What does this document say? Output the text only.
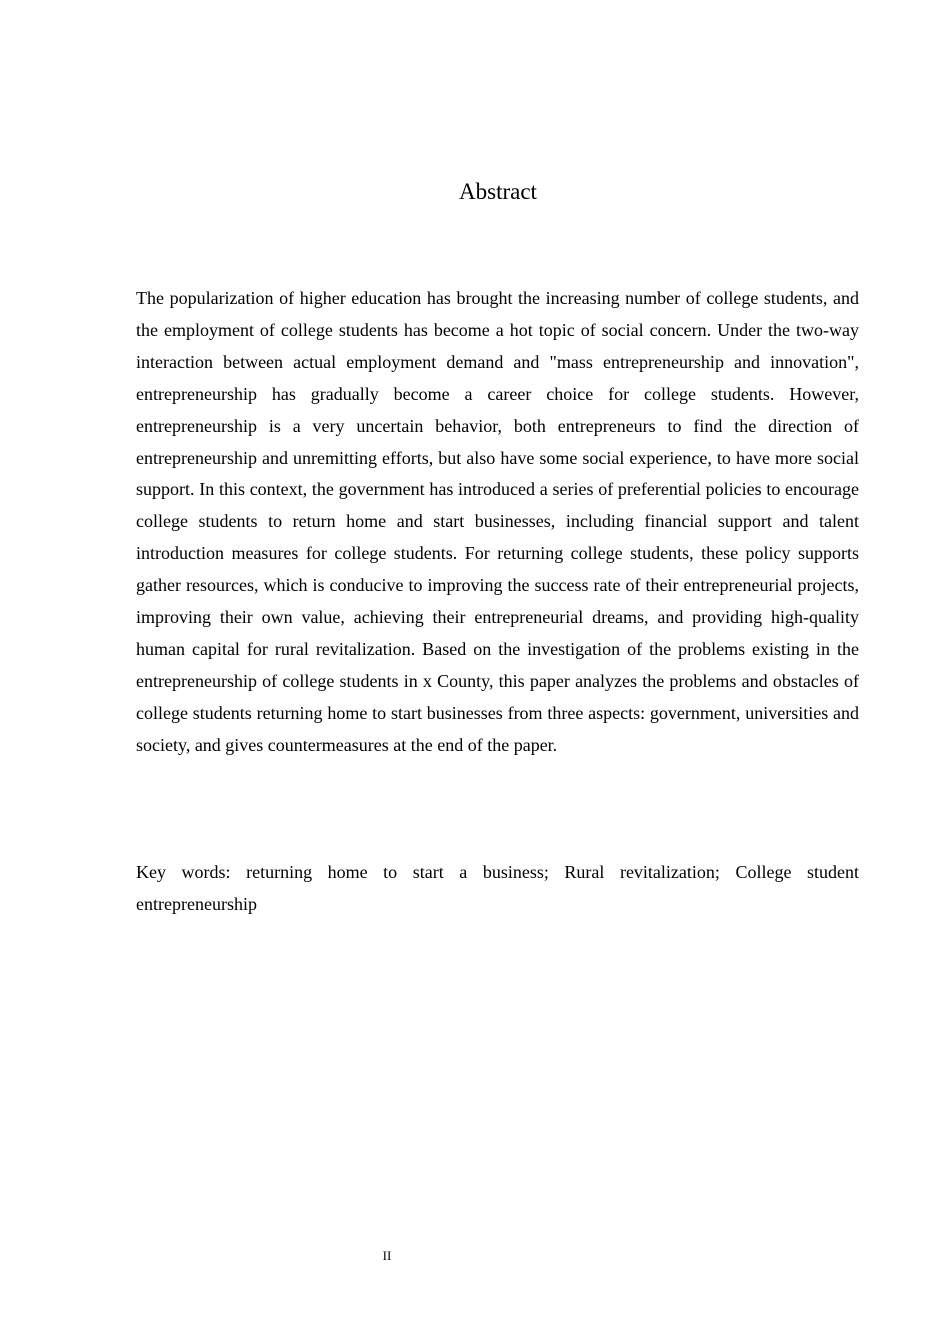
Abstract

The popularization of higher education has brought the increasing number of college students, and the employment of college students has become a hot topic of social concern. Under the two-way interaction between actual employment demand and "mass entrepreneurship and innovation", entrepreneurship has gradually become a career choice for college students. However, entrepreneurship is a very uncertain behavior, both entrepreneurs to find the direction of entrepreneurship and unremitting efforts, but also have some social experience, to have more social support. In this context, the government has introduced a series of preferential policies to encourage college students to return home and start businesses, including financial support and talent introduction measures for college students. For returning college students, these policy supports gather resources, which is conducive to improving the success rate of their entrepreneurial projects, improving their own value, achieving their entrepreneurial dreams, and providing high-quality human capital for rural revitalization. Based on the investigation of the problems existing in the entrepreneurship of college students in x County, this paper analyzes the problems and obstacles of college students returning home to start businesses from three aspects: government, universities and society, and gives countermeasures at the end of the paper.

Key words: returning home to start a business; Rural revitalization; College student entrepreneurship

II
